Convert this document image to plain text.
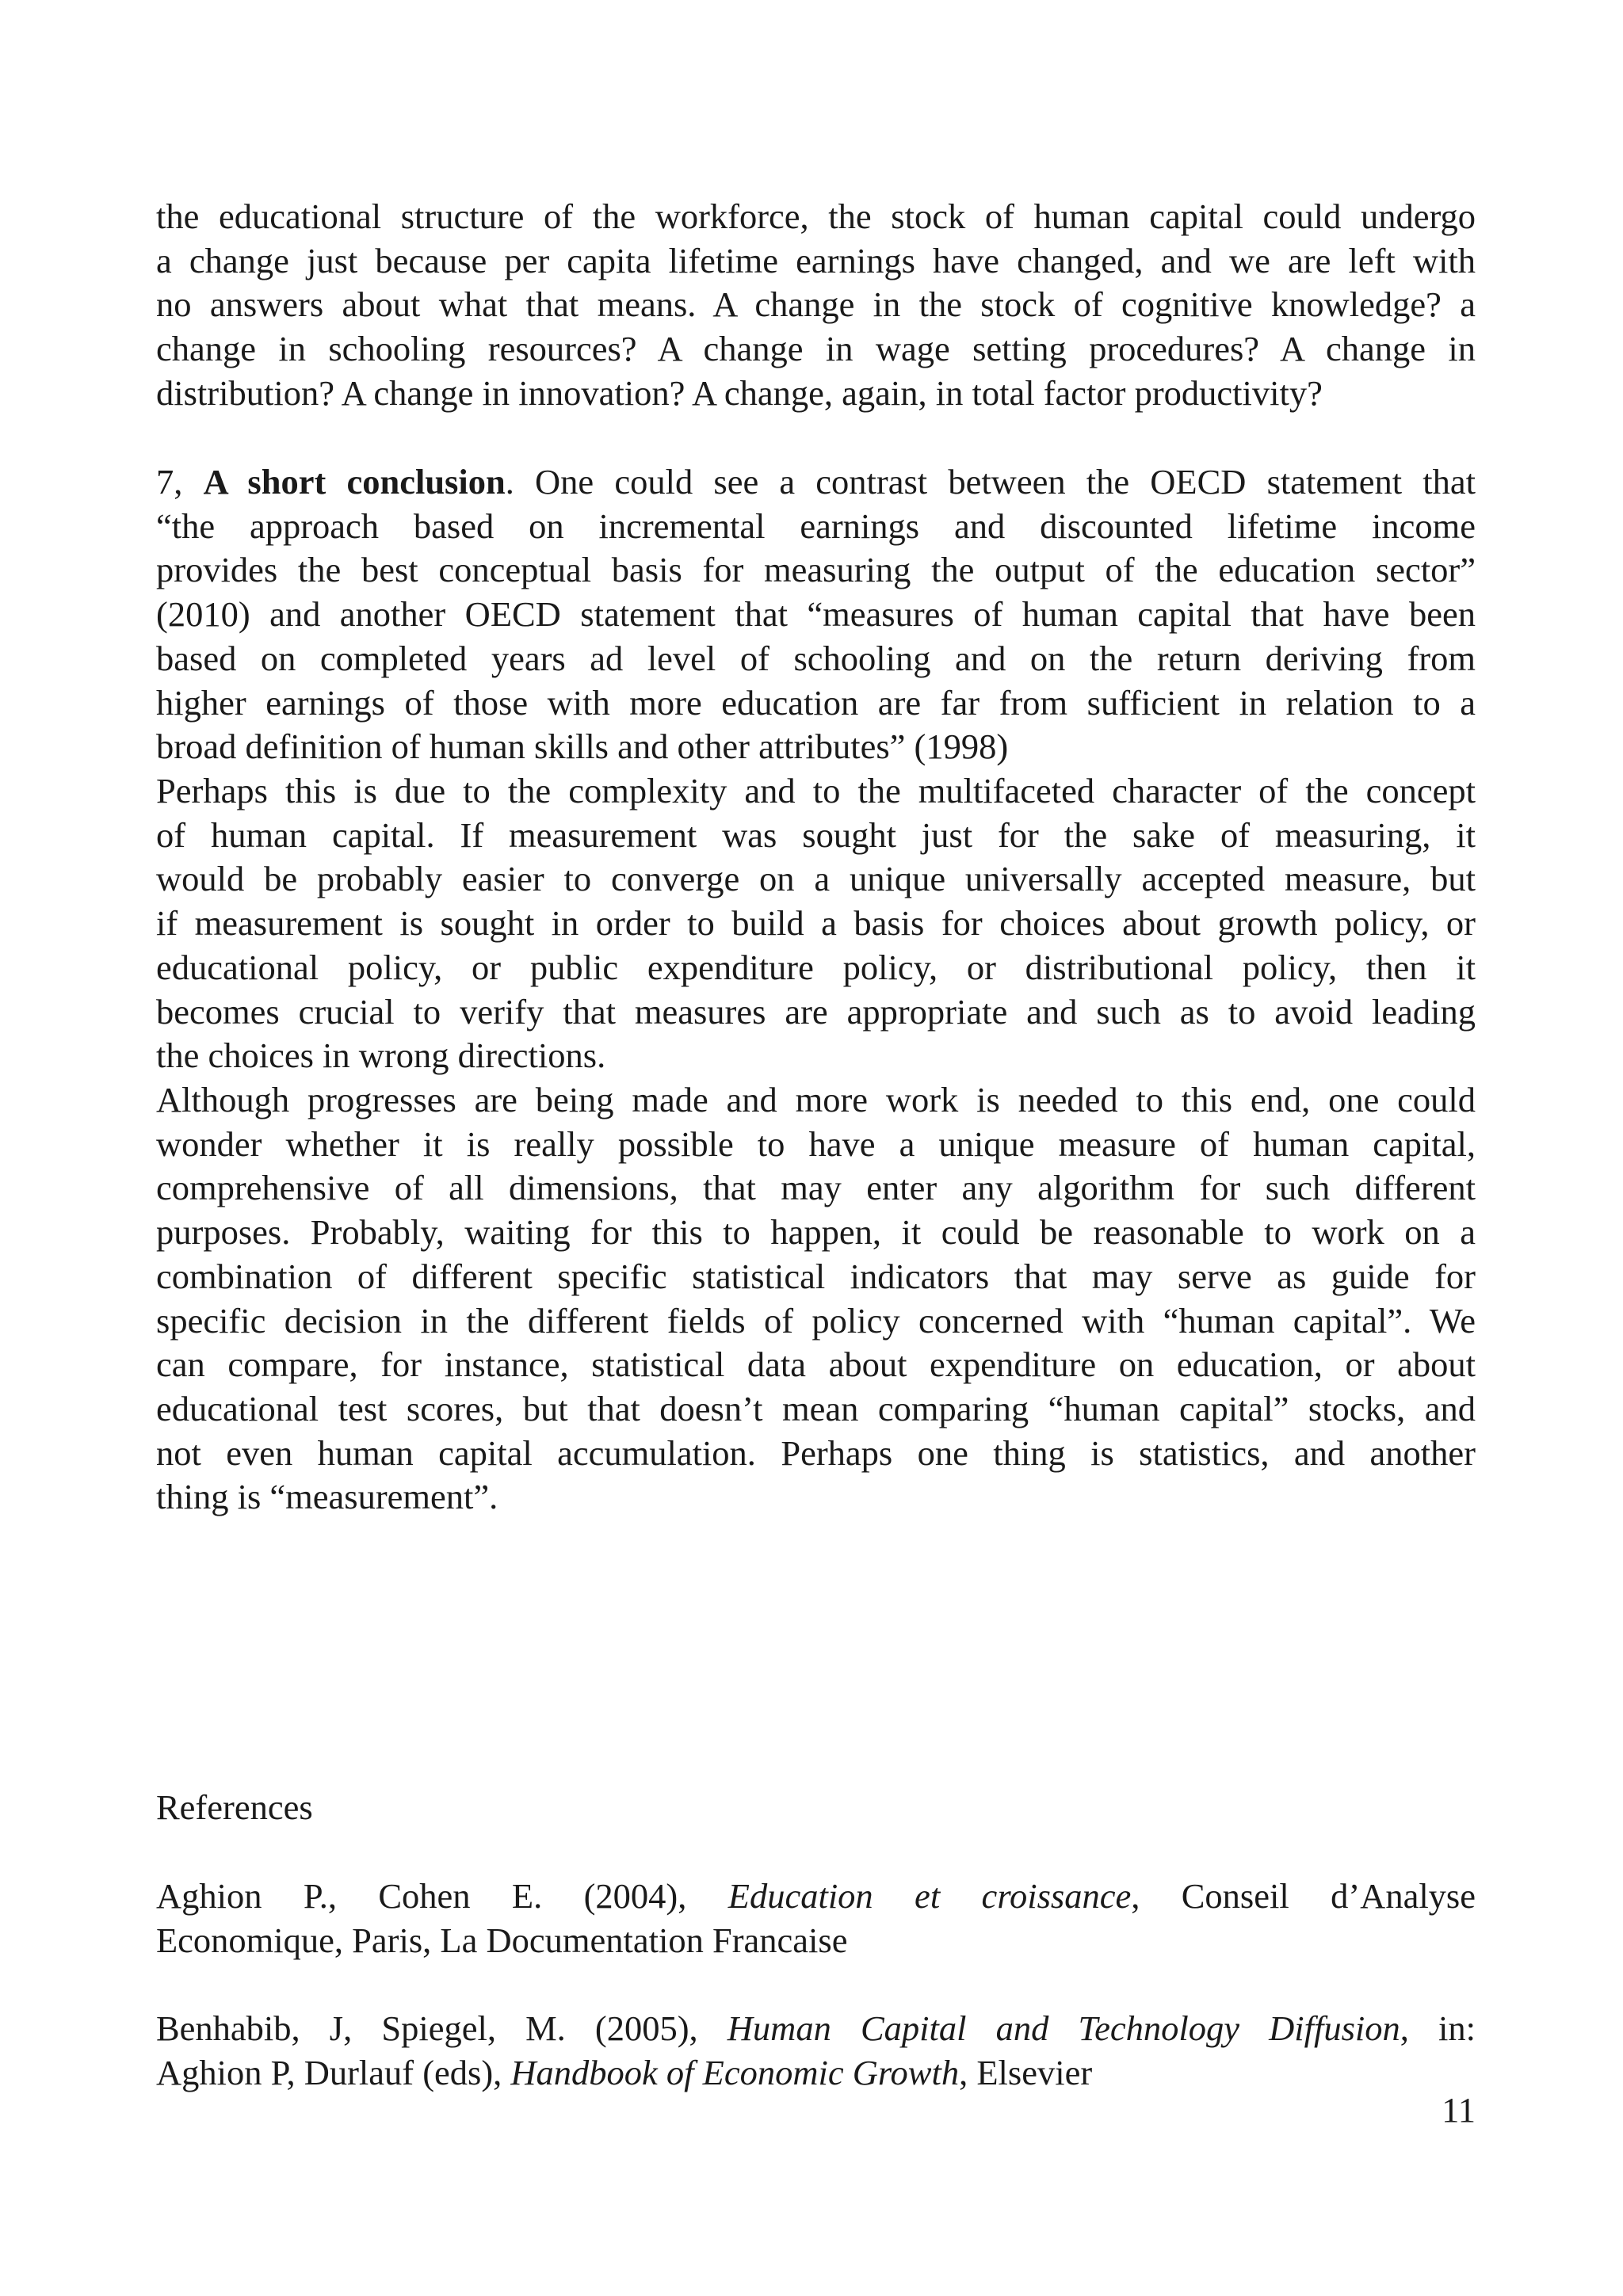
the educational structure of the workforce, the stock of human capital could undergo
a change just because per capita lifetime earnings have changed, and we are left with
no answers about what that means. A change in the stock of cognitive knowledge? a
change in schooling resources? A change in wage setting procedures? A change in
distribution? A change in innovation? A change, again, in total factor productivity?
7, A short conclusion. One could see a contrast between the OECD statement that
“the approach based on incremental earnings and discounted lifetime income
provides the best conceptual basis for measuring the output of the education sector”
(2010) and another OECD statement that “measures of human capital that have been
based on completed years ad level of schooling and on the return deriving from
higher earnings of those with more education are far from sufficient in relation to a
broad definition of human skills and other attributes” (1998)
Perhaps this is due to the complexity and to the multifaceted character of the concept
of human capital. If measurement was sought just for the sake of measuring, it
would be probably easier to converge on a unique universally accepted measure, but
if measurement is sought in order to build a basis for choices about growth policy, or
educational policy, or public expenditure policy, or distributional policy, then it
becomes crucial to verify that measures are appropriate and such as to avoid leading
the choices in wrong directions.
Although progresses are being made and more work is needed to this end, one could
wonder whether it is really possible to have a unique measure of human capital,
comprehensive of all dimensions, that may enter any algorithm for such different
purposes. Probably, waiting for this to happen, it could be reasonable to work on a
combination of different specific statistical indicators that may serve as guide for
specific decision in the different fields of policy concerned with “human capital”. We
can compare, for instance, statistical data about expenditure on education, or about
educational test scores, but that doesn’t mean comparing “human capital” stocks, and
not even human capital accumulation. Perhaps one thing is statistics, and another
thing is “measurement”.
References
Aghion P., Cohen E. (2004), Education et croissance, Conseil d’Analyse
Economique, Paris, La Documentation Francaise
Benhabib, J, Spiegel, M. (2005), Human Capital and Technology Diffusion, in:
Aghion P, Durlauf (eds), Handbook of Economic Growth, Elsevier
11
